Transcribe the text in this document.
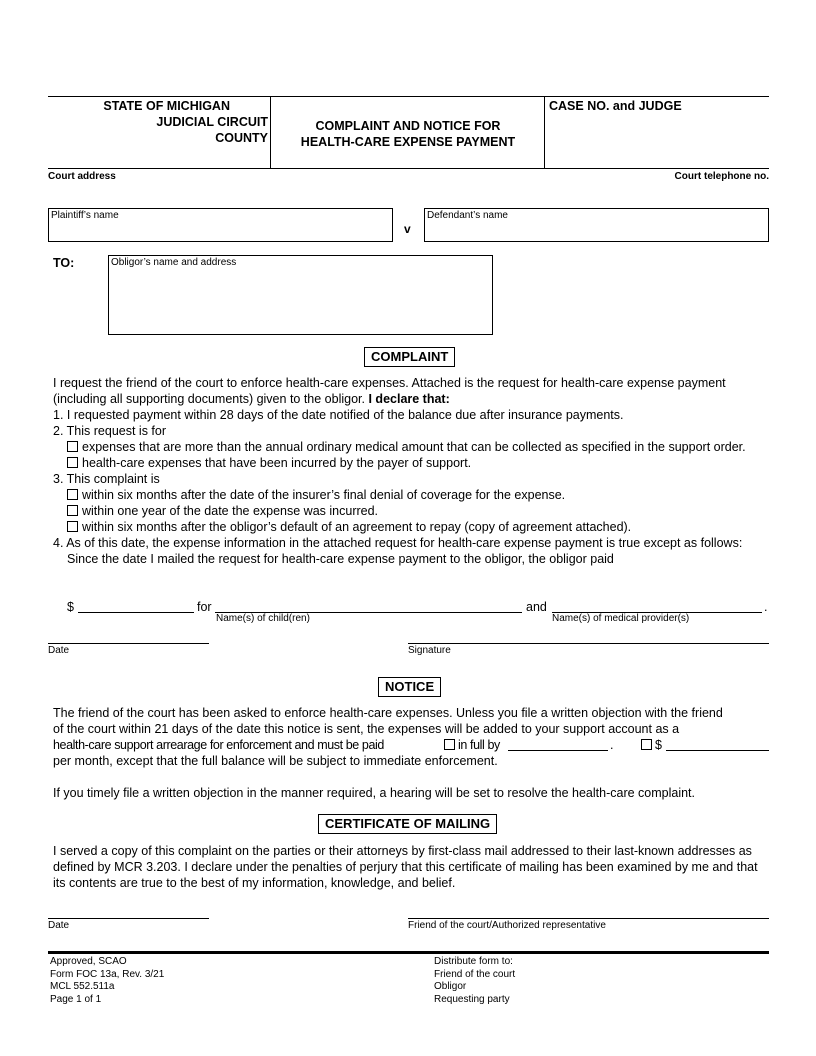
STATE OF MICHIGAN
JUDICIAL CIRCUIT
COUNTY
COMPLAINT AND NOTICE FOR
HEALTH-CARE EXPENSE PAYMENT
CASE NO. and JUDGE
Court address	Court telephone no.
Plaintiff’s name
v
Defendant’s name
TO:	Obligor’s name and address
COMPLAINT
I request the friend of the court to enforce health-care expenses. Attached is the request for health-care expense payment (including all supporting documents) given to the obligor. I declare that:
1. I requested payment within 28 days of the date notified of the balance due after insurance payments.
2. This request is for
expenses that are more than the annual ordinary medical amount that can be collected as specified in the support order.
health-care expenses that have been incurred by the payer of support.
3. This complaint is
within six months after the date of the insurer’s final denial of coverage for the expense.
within one year of the date the expense was incurred.
within six months after the obligor’s default of an agreement to repay (copy of agreement attached).
4. As of this date, the expense information in the attached request for health-care expense payment is true except as follows: Since the date I mailed the request for health-care expense payment to the obligor, the obligor paid
$	for	and	.
Name(s) of child(ren)	Name(s) of medical provider(s)
Date	Signature
NOTICE
The friend of the court has been asked to enforce health-care expenses. Unless you file a written objection with the friend
of the court within 21 days of the date this notice is sent, the expenses will be added to your support account as a
health-care support arrearage for enforcement and must be paid	in full by	.	$
per month, except that the full balance will be subject to immediate enforcement.
If you timely file a written objection in the manner required, a hearing will be set to resolve the health-care complaint.
CERTIFICATE OF MAILING
I served a copy of this complaint on the parties or their attorneys by first-class mail addressed to their last-known addresses as defined by MCR 3.203. I declare under the penalties of perjury that this certificate of mailing has been examined by me and that its contents are true to the best of my information, knowledge, and belief.
Date	Friend of the court/Authorized representative
Approved, SCAO
Form FOC 13a, Rev. 3/21
MCL 552.511a
Page 1 of 1
Distribute form to:
Friend of the court
Obligor
Requesting party
